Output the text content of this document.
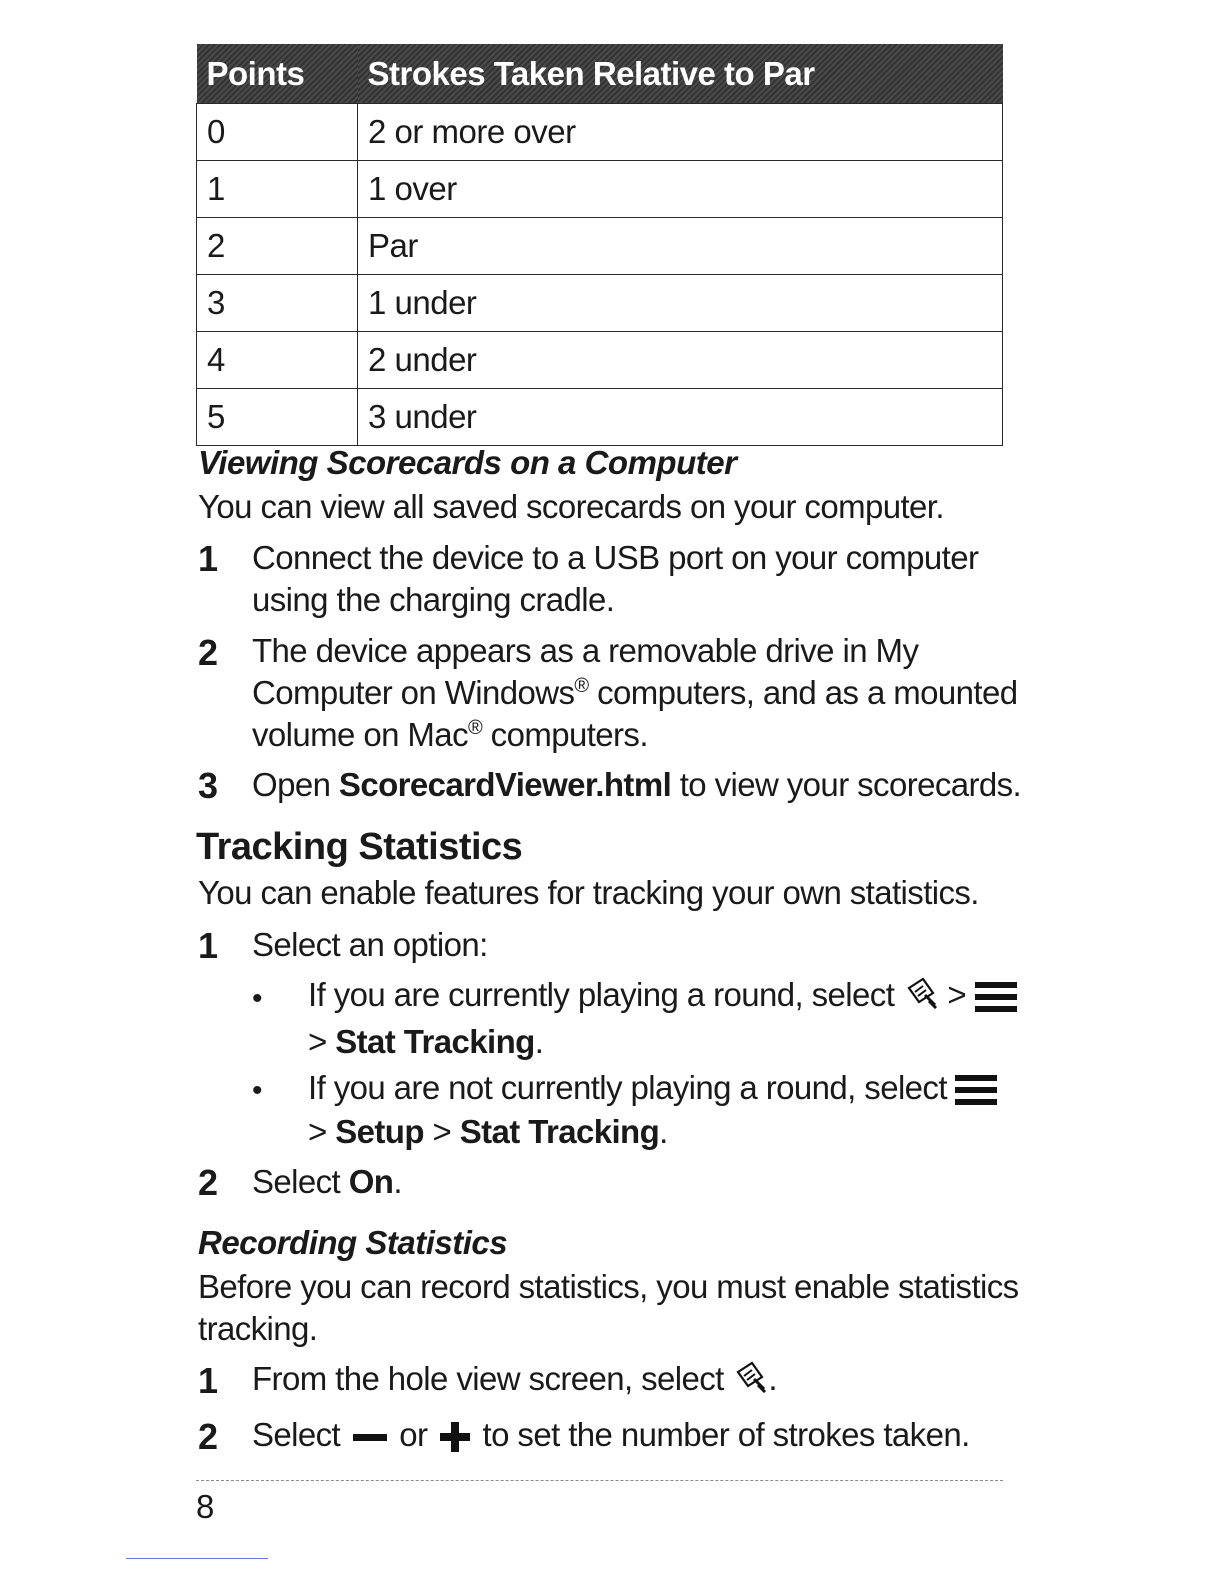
Points	Strokes Taken Relative to Par
0	2 or more over
1	1 over
2	Par
3	1 under
4	2 under
5	3 under
Viewing Scorecards on a Computer
You can view all saved scorecards on your computer.
1 Connect the device to a USB port on your computer
using the charging cradle.
2 The device appears as a removable drive in My
Computer on Windows® computers, and as a mounted
volume on Mac® computers.
3 Open ScorecardViewer.html to view your scorecards.
Tracking Statistics
You can enable features for tracking your own statistics.
1 Select an option:
• If you are currently playing a round, select  >
> Stat Tracking.
• If you are not currently playing a round, select
> Setup > Stat Tracking.
2 Select On.
Recording Statistics
Before you can record statistics, you must enable statistics
tracking.
1 From the hole view screen, select .
2 Select  or  to set the number of strokes taken.
8
